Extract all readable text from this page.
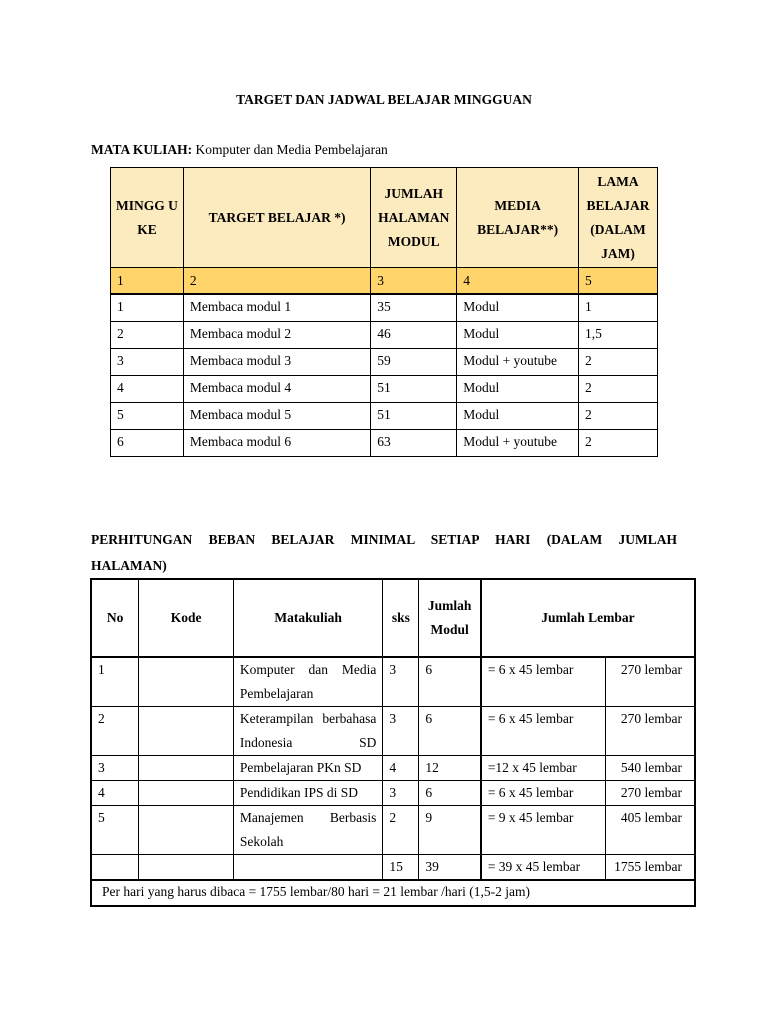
TARGET DAN JADWAL BELAJAR MINGGUAN
MATA KULIAH: Komputer dan Media Pembelajaran
MINGG U KE	TARGET BELAJAR *)	JUMLAH HALAMAN MODUL	MEDIA BELAJAR**)	LAMA BELAJAR (DALAM JAM)
1	2	3	4	5
1	Membaca modul 1	35	Modul	1
2	Membaca modul 2	46	Modul	1,5
3	Membaca modul 3	59	Modul + youtube	2
4	Membaca modul 4	51	Modul	2
5	Membaca modul 5	51	Modul	2
6	Membaca modul 6	63	Modul + youtube	2
PERHITUNGAN BEBAN BELAJAR MINIMAL SETIAP HARI (DALAM JUMLAH
HALAMAN)
No	Kode	Matakuliah	sks	Jumlah Modul	Jumlah Lembar	
1		Komputer dan Media Pembelajaran	3	6	= 6 x 45 lembar	270 lembar
2		Keterampilan berbahasa Indonesia SD	3	6	= 6 x 45 lembar	270 lembar
3		Pembelajaran PKn SD	4	12	=12 x 45 lembar	540 lembar
4		Pendidikan IPS di SD	3	6	= 6 x 45 lembar	270 lembar
5		Manajemen Berbasis Sekolah	2	9	= 9 x 45 lembar	405 lembar
			15	39	= 39 x 45 lembar	1755 lembar
Per hari yang harus dibaca = 1755 lembar/80 hari = 21 lembar /hari (1,5-2 jam)						
